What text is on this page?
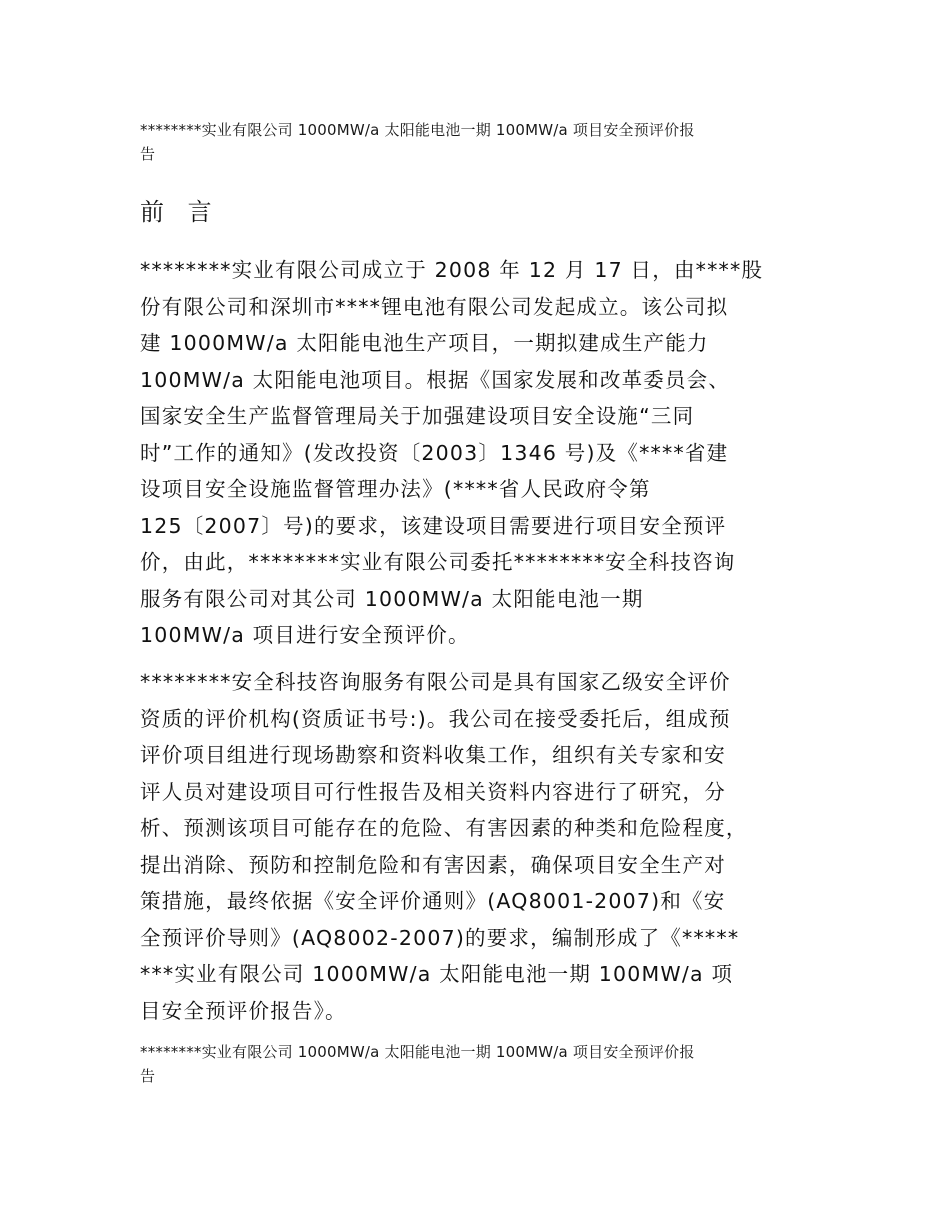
********实业有限公司 1000MW/a 太阳能电池一期 100MW/a 项目安全预评价报
告
前 言

********实业有限公司成立于 2008 年 12 月 17 日，由****股
份有限公司和深圳市****锂电池有限公司发起成立。该公司拟
建 1000MW/a 太阳能电池生产项目，一期拟建成生产能力
100MW/a 太阳能电池项目。根据《国家发展和改革委员会、
国家安全生产监督管理局关于加强建设项目安全设施“三同
时”工作的通知》(发改投资〔2003〕1346 号)及《****省建
设项目安全设施监督管理办法》(****省人民政府令第
125〔2007〕号)的要求，该建设项目需要进行项目安全预评
价，由此，********实业有限公司委托********安全科技咨询
服务有限公司对其公司 1000MW/a 太阳能电池一期
100MW/a 项目进行安全预评价。

********安全科技咨询服务有限公司是具有国家乙级安全评价
资质的评价机构(资质证书号:)。我公司在接受委托后，组成预
评价项目组进行现场勘察和资料收集工作，组织有关专家和安
评人员对建设项目可行性报告及相关资料内容进行了研究，分
析、预测该项目可能存在的危险、有害因素的种类和危险程度，
提出消除、预防和控制危险和有害因素，确保项目安全生产对
策措施，最终依据《安全评价通则》(AQ8001-2007)和《安
全预评价导则》(AQ8002-2007)的要求，编制形成了《*****
***实业有限公司 1000MW/a 太阳能电池一期 100MW/a 项
目安全预评价报告》。

********实业有限公司 1000MW/a 太阳能电池一期 100MW/a 项目安全预评价报
告
